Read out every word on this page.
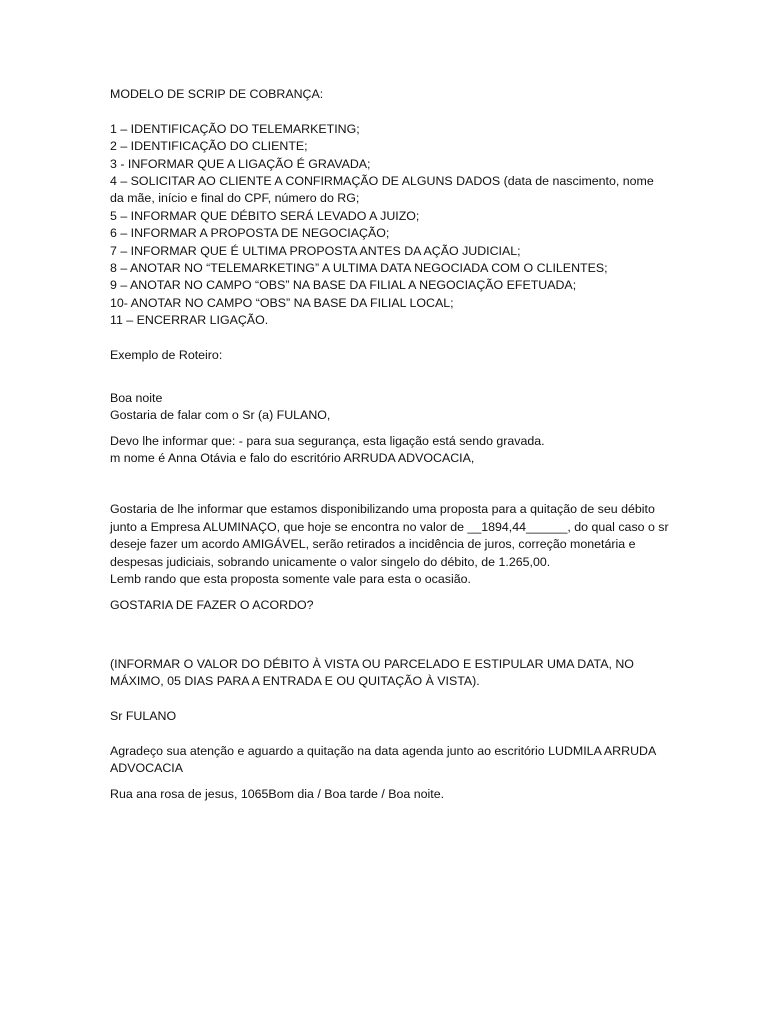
MODELO DE SCRIP DE COBRANÇA:

1 – IDENTIFICAÇÃO DO TELEMARKETING;
2 – IDENTIFICAÇÃO DO CLIENTE;
3 - INFORMAR QUE A LIGAÇÃO É GRAVADA;
4 – SOLICITAR AO CLIENTE A CONFIRMAÇÃO DE ALGUNS DADOS (data de nascimento, nome da mãe, início e final do CPF, número do RG;
5 – INFORMAR QUE DÉBITO SERÁ LEVADO A JUIZO;
6 – INFORMAR A PROPOSTA DE NEGOCIAÇÃO;
7 – INFORMAR QUE É ULTIMA PROPOSTA ANTES DA AÇÃO JUDICIAL;
8 – ANOTAR NO “TELEMARKETING” A ULTIMA DATA NEGOCIADA COM O CLILENTES;
9 – ANOTAR NO CAMPO “OBS” NA BASE DA FILIAL A NEGOCIAÇÃO EFETUADA;
10- ANOTAR NO CAMPO “OBS” NA BASE DA FILIAL LOCAL;
11 – ENCERRAR LIGAÇÃO.

Exemplo de Roteiro:

Boa noite

Gostaria de falar com o Sr (a) FULANO,

Devo lhe informar que: - para sua segurança, esta ligação está sendo gravada.

m nome é Anna Otávia e falo do escritório ARRUDA ADVOCACIA,

Gostaria de lhe informar que estamos disponibilizando uma proposta para a quitação de seu débito junto a Empresa ALUMINAÇO, que hoje se encontra no valor de __1894,44______, do qual caso o sr deseje fazer um acordo AMIGÁVEL, serão retirados a incidência de juros, correção monetária e despesas judiciais, sobrando unicamente o valor singelo do débito, de 1.265,00.

Lemb rando que esta proposta somente vale para esta o ocasião.

GOSTARIA DE FAZER O ACORDO?

(INFORMAR O VALOR DO DÉBITO À VISTA OU PARCELADO E ESTIPULAR UMA DATA, NO MÁXIMO, 05 DIAS PARA A ENTRADA E OU QUITAÇÃO À VISTA).

Sr FULANO

Agradeço sua atenção e aguardo a quitação na data agenda junto ao escritório LUDMILA ARRUDA ADVOCACIA

Rua ana rosa de jesus, 1065Bom dia / Boa tarde / Boa noite.
